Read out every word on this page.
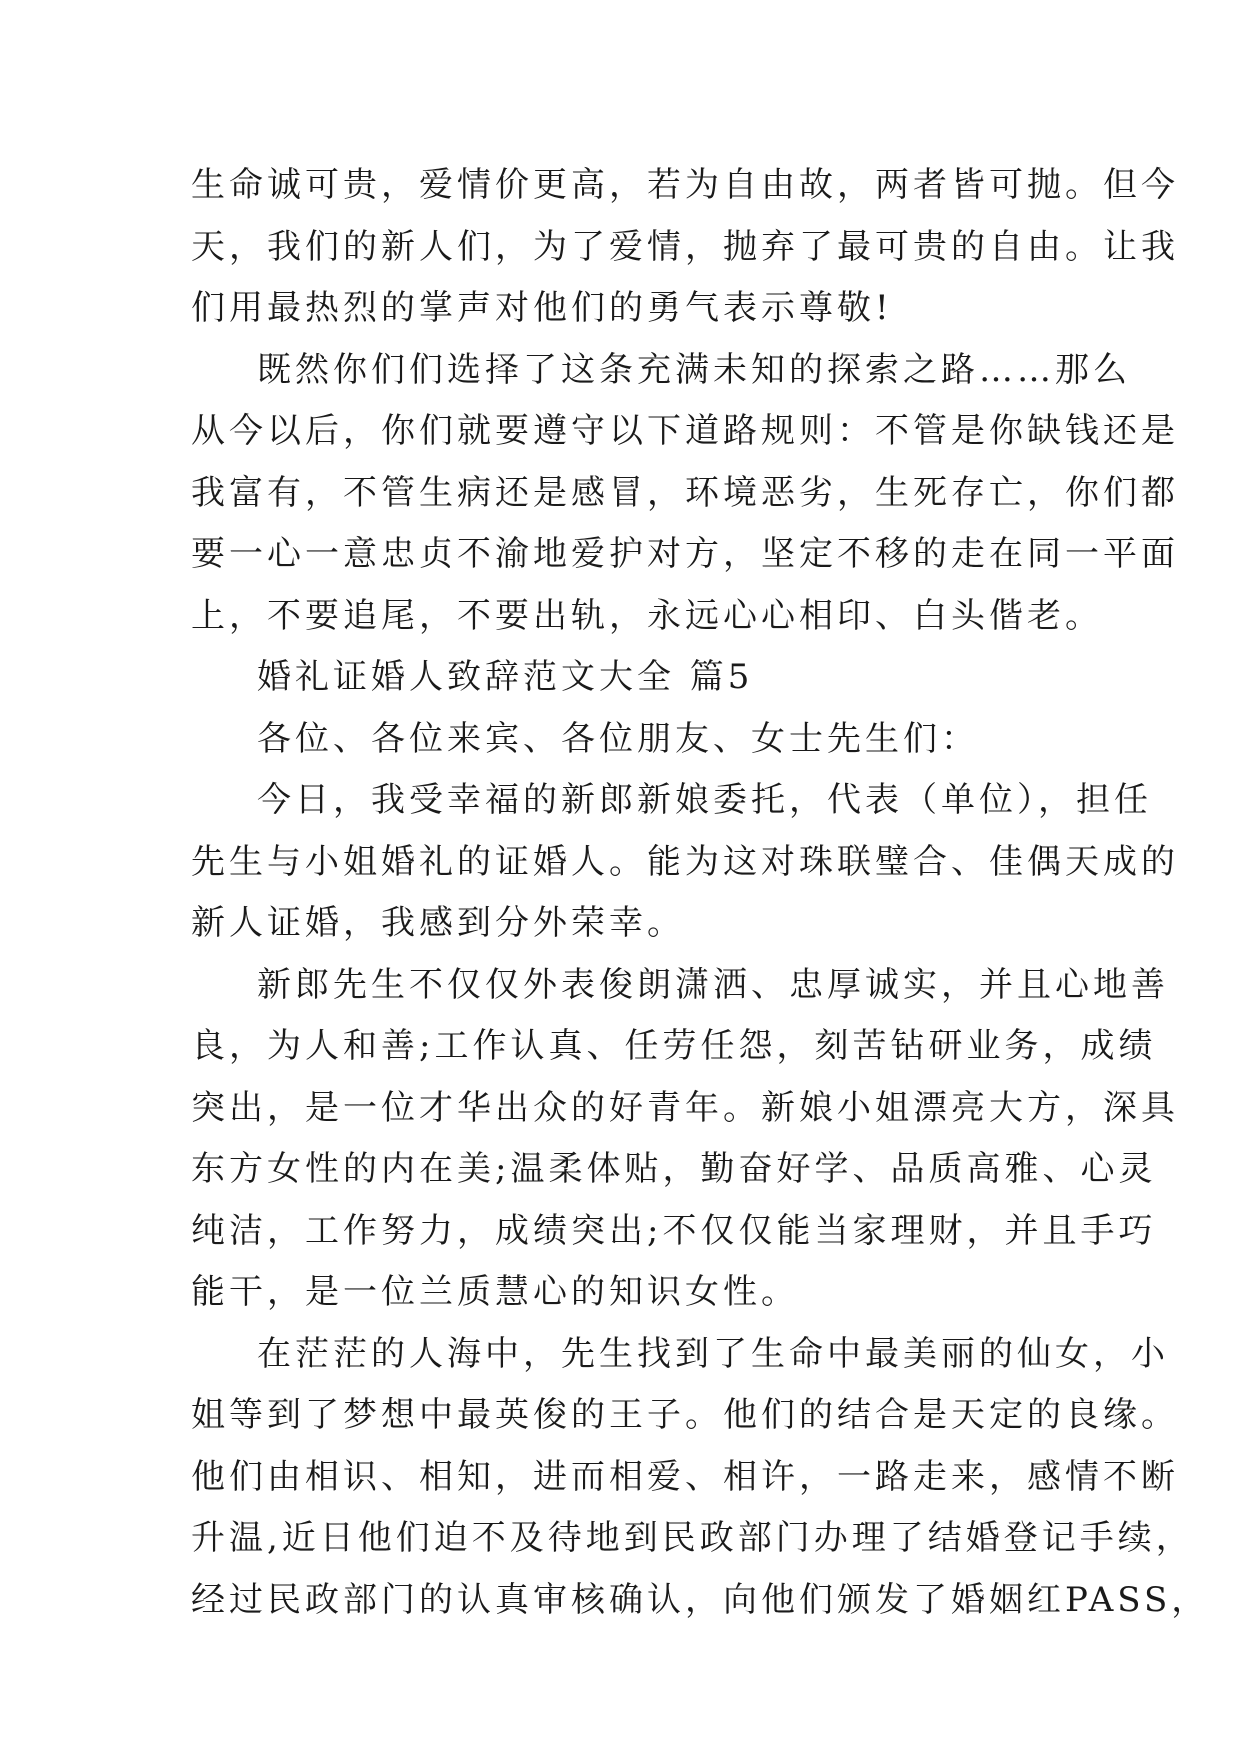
生命诚可贵，爱情价更高，若为自由故，两者皆可抛。但今
天，我们的新人们，为了爱情，抛弃了最可贵的自由。让我
们用最热烈的掌声对他们的勇气表示尊敬!
既然你们们选择了这条充满未知的探索之路……那么
从今以后，你们就要遵守以下道路规则：不管是你缺钱还是
我富有，不管生病还是感冒，环境恶劣，生死存亡，你们都
要一心一意忠贞不渝地爱护对方，坚定不移的走在同一平面
上，不要追尾，不要出轨，永远心心相印、白头偕老。
婚礼证婚人致辞范文大全 篇5
各位、各位来宾、各位朋友、女士先生们：
今日，我受幸福的新郎新娘委托，代表（单位），担任
先生与小姐婚礼的证婚人。能为这对珠联璧合、佳偶天成的
新人证婚，我感到分外荣幸。
新郎先生不仅仅外表俊朗潇洒、忠厚诚实，并且心地善
良，为人和善;工作认真、任劳任怨，刻苦钻研业务，成绩
突出，是一位才华出众的好青年。新娘小姐漂亮大方，深具
东方女性的内在美;温柔体贴，勤奋好学、品质高雅、心灵
纯洁，工作努力，成绩突出;不仅仅能当家理财，并且手巧
能干，是一位兰质慧心的知识女性。
在茫茫的人海中，先生找到了生命中最美丽的仙女，小
姐等到了梦想中最英俊的王子。他们的结合是天定的良缘。
他们由相识、相知，进而相爱、相许，一路走来，感情不断
升温,近日他们迫不及待地到民政部门办理了结婚登记手续，
经过民政部门的认真审核确认，向他们颁发了婚姻红PASS，
